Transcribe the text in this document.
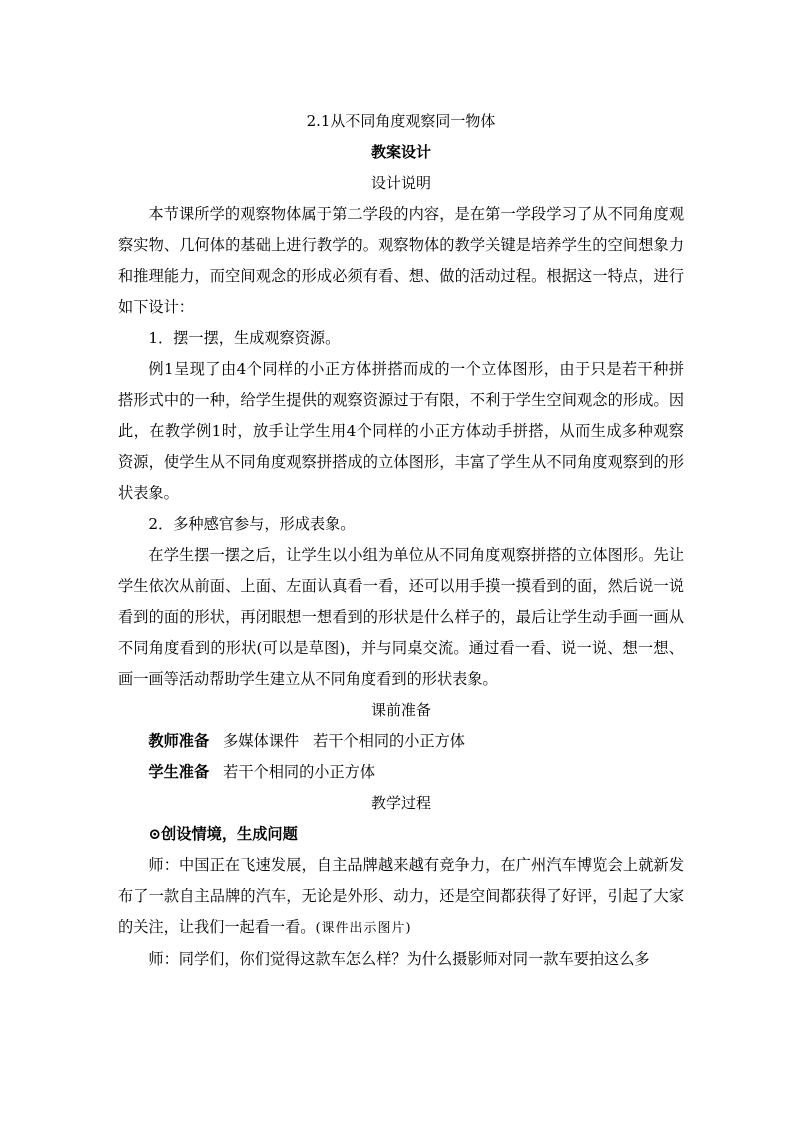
2.1从不同角度观察同一物体
教案设计
设计说明

本节课所学的观察物体属于第二学段的内容，是在第一学段学习了从不同角度观察实物、几何体的基础上进行教学的。观察物体的教学关键是培养学生的空间想象力和推理能力，而空间观念的形成必须有看、想、做的活动过程。根据这一特点，进行如下设计：

1．摆一摆，生成观察资源。

例1呈现了由4个同样的小正方体拼搭而成的一个立体图形，由于只是若干种拼搭形式中的一种，给学生提供的观察资源过于有限，不利于学生空间观念的形成。因此，在教学例1时，放手让学生用4个同样的小正方体动手拼搭，从而生成多种观察资源，使学生从不同角度观察拼搭成的立体图形，丰富了学生从不同角度观察到的形状表象。

2．多种感官参与，形成表象。

在学生摆一摆之后，让学生以小组为单位从不同角度观察拼搭的立体图形。先让学生依次从前面、上面、左面认真看一看，还可以用手摸一摸看到的面，然后说一说看到的面的形状，再闭眼想一想看到的形状是什么样子的，最后让学生动手画一画从不同角度看到的形状(可以是草图)，并与同桌交流。通过看一看、说一说、想一想、画一画等活动帮助学生建立从不同角度看到的形状表象。

课前准备
教师准备 多媒体课件 若干个相同的小正方体
学生准备 若干个相同的小正方体
教学过程
⊙创设情境，生成问题

师：中国正在飞速发展，自主品牌越来越有竞争力，在广州汽车博览会上就新发布了一款自主品牌的汽车，无论是外形、动力，还是空间都获得了好评，引起了大家的关注，让我们一起看一看。(课件出示图片)

师：同学们，你们觉得这款车怎么样？为什么摄影师对同一款车要拍这么多
